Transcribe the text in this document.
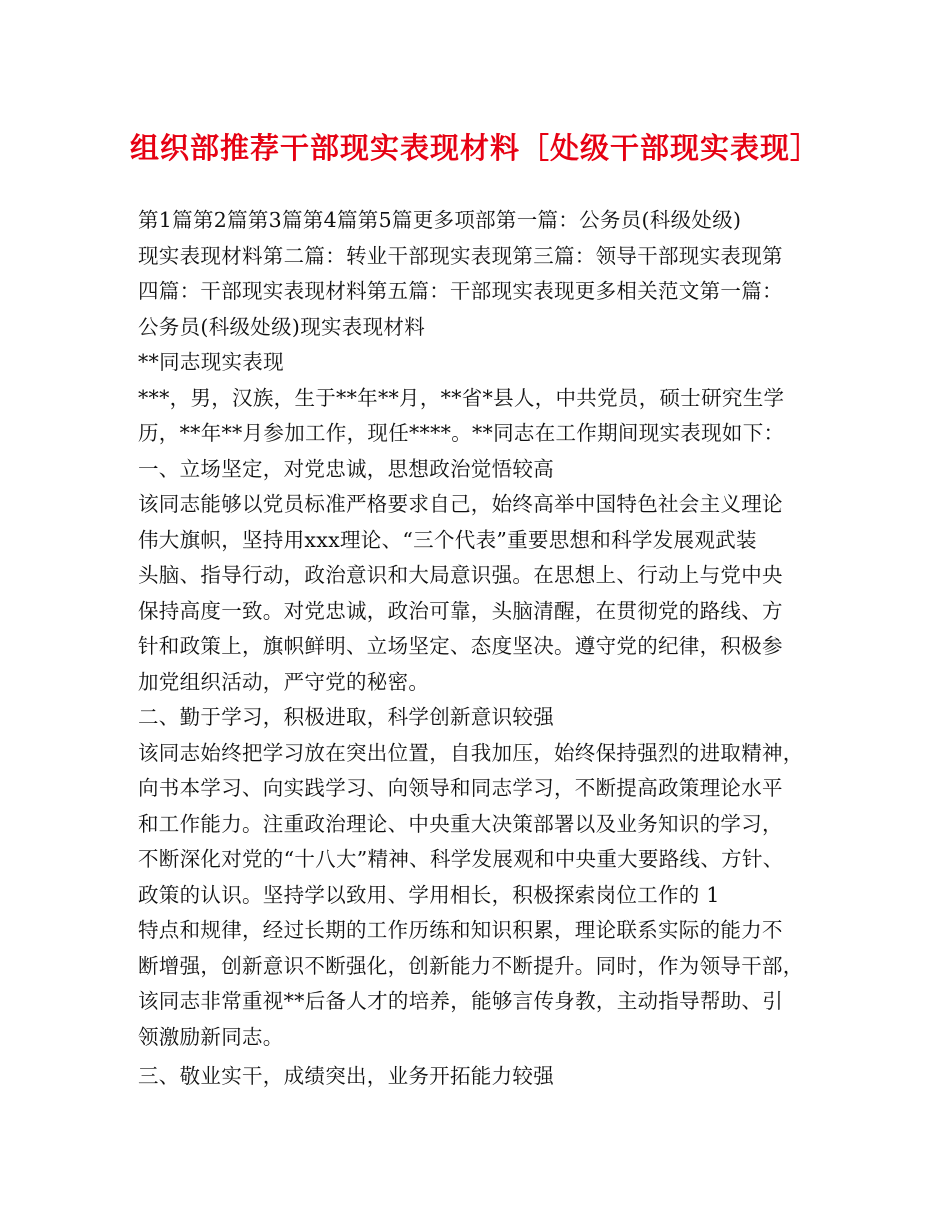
组织部推荐干部现实表现材料［处级干部现实表现］
第1篇第2篇第3篇第4篇第5篇更多项部第一篇：公务员(科级处级)
现实表现材料第二篇：转业干部现实表现第三篇：领导干部现实表现第
四篇：干部现实表现材料第五篇：干部现实表现更多相关范文第一篇：
公务员(科级处级)现实表现材料
**同志现实表现
***，男，汉族，生于**年**月，**省*县人，中共党员，硕士研究生学
历，**年**月参加工作，现任****。**同志在工作期间现实表现如下：
一、立场坚定，对党忠诚，思想政治觉悟较高
该同志能够以党员标准严格要求自己，始终高举中国特色社会主义理论
伟大旗帜，坚持用xxx理论、“三个代表”重要思想和科学发展观武装
头脑、指导行动，政治意识和大局意识强。在思想上、行动上与党中央
保持高度一致。对党忠诚，政治可靠，头脑清醒，在贯彻党的路线、方
针和政策上，旗帜鲜明、立场坚定、态度坚决。遵守党的纪律，积极参
加党组织活动，严守党的秘密。
二、勤于学习，积极进取，科学创新意识较强
该同志始终把学习放在突出位置，自我加压，始终保持强烈的进取精神，
向书本学习、向实践学习、向领导和同志学习，不断提高政策理论水平
和工作能力。注重政治理论、中央重大决策部署以及业务知识的学习，
不断深化对党的“十八大”精神、科学发展观和中央重大要路线、方针、
政策的认识。坚持学以致用、学用相长，积极探索岗位工作的 1
特点和规律，经过长期的工作历练和知识积累，理论联系实际的能力不
断增强，创新意识不断强化，创新能力不断提升。同时，作为领导干部，
该同志非常重视**后备人才的培养，能够言传身教，主动指导帮助、引
领激励新同志。
三、敬业实干，成绩突出，业务开拓能力较强
